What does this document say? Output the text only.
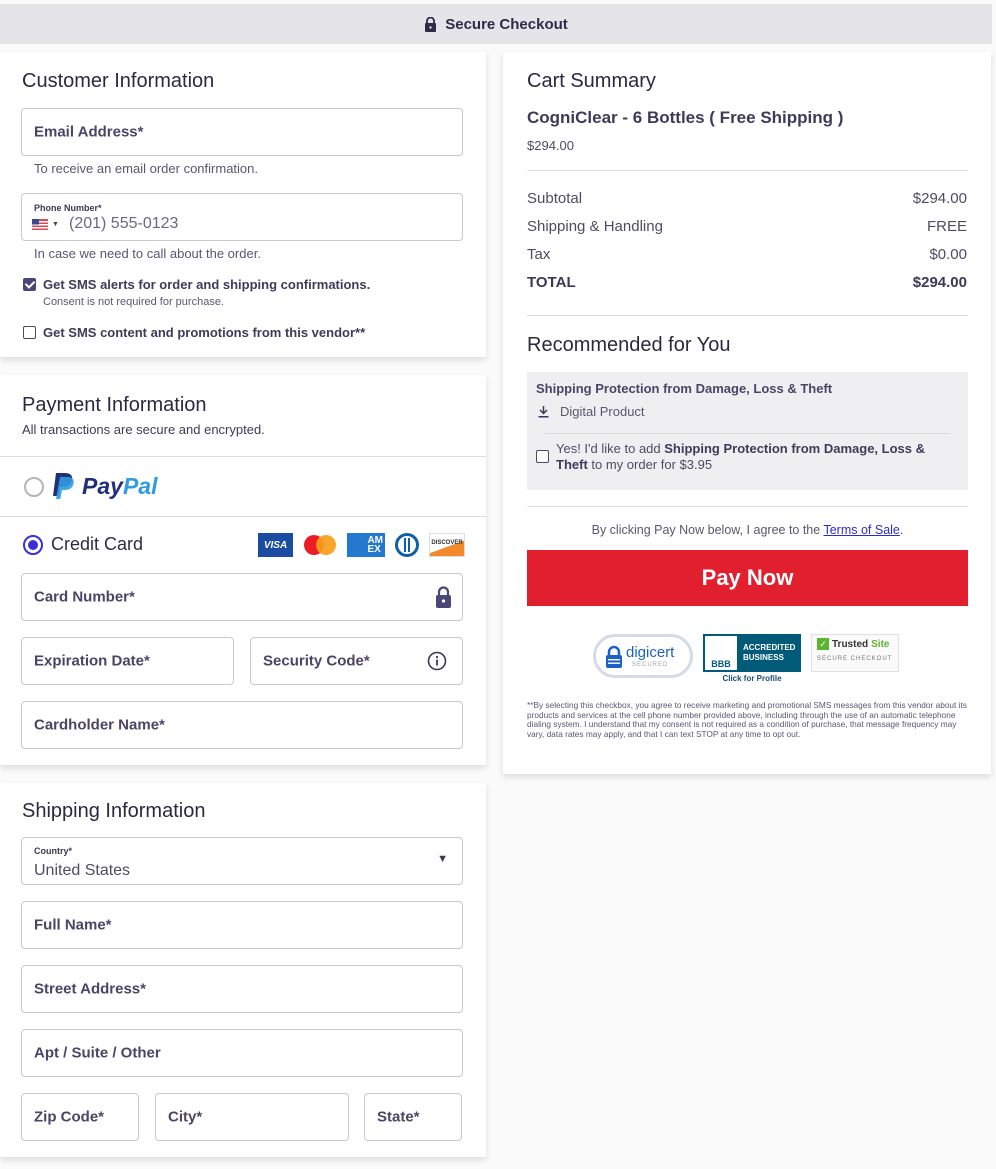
Secure Checkout
Customer Information
Email Address*
To receive an email order confirmation.
Phone Number*
▼ (201) 555-0123
In case we need to call about the order.
Get SMS alerts for order and shipping confirmations.
Consent is not required for purchase.
Get SMS content and promotions from this vendor**
Payment Information
All transactions are secure and encrypted.
PayPal
Credit Card	VISA	AM
EX
DISCOVER
Card Number*
Expiration Date*	Security Code*
Cardholder Name*
Shipping Information
Country*
United States
▼
Full Name*
Street Address*
Apt / Suite / Other
Zip Code*	City*	State*
Cart Summary
CogniClear - 6 Bottles ( Free Shipping )
$294.00
Subtotal	$294.00
Shipping & Handling	FREE
Tax	$0.00
TOTAL	$294.00
Recommended for You
Shipping Protection from Damage, Loss & Theft
Digital Product
Yes! I'd like to add Shipping Protection from Damage, Loss & Theft to my order for $3.95
By clicking Pay Now below, I agree to the Terms of Sale.
Pay Now
digicert
SECURED	BBB
ACCREDITED
BUSINESS
Click for Profile
✓ Trusted Site
SECURE CHECKOUT
**By selecting this checkbox, you agree to receive marketing and promotional SMS messages from this vendor about its products and services at the cell phone number provided above, including through the use of an automatic telephone dialing system. I understand that my consent is not required as a condition of purchase, that message frequency may vary, data rates may apply, and that I can text STOP at any time to opt out.
